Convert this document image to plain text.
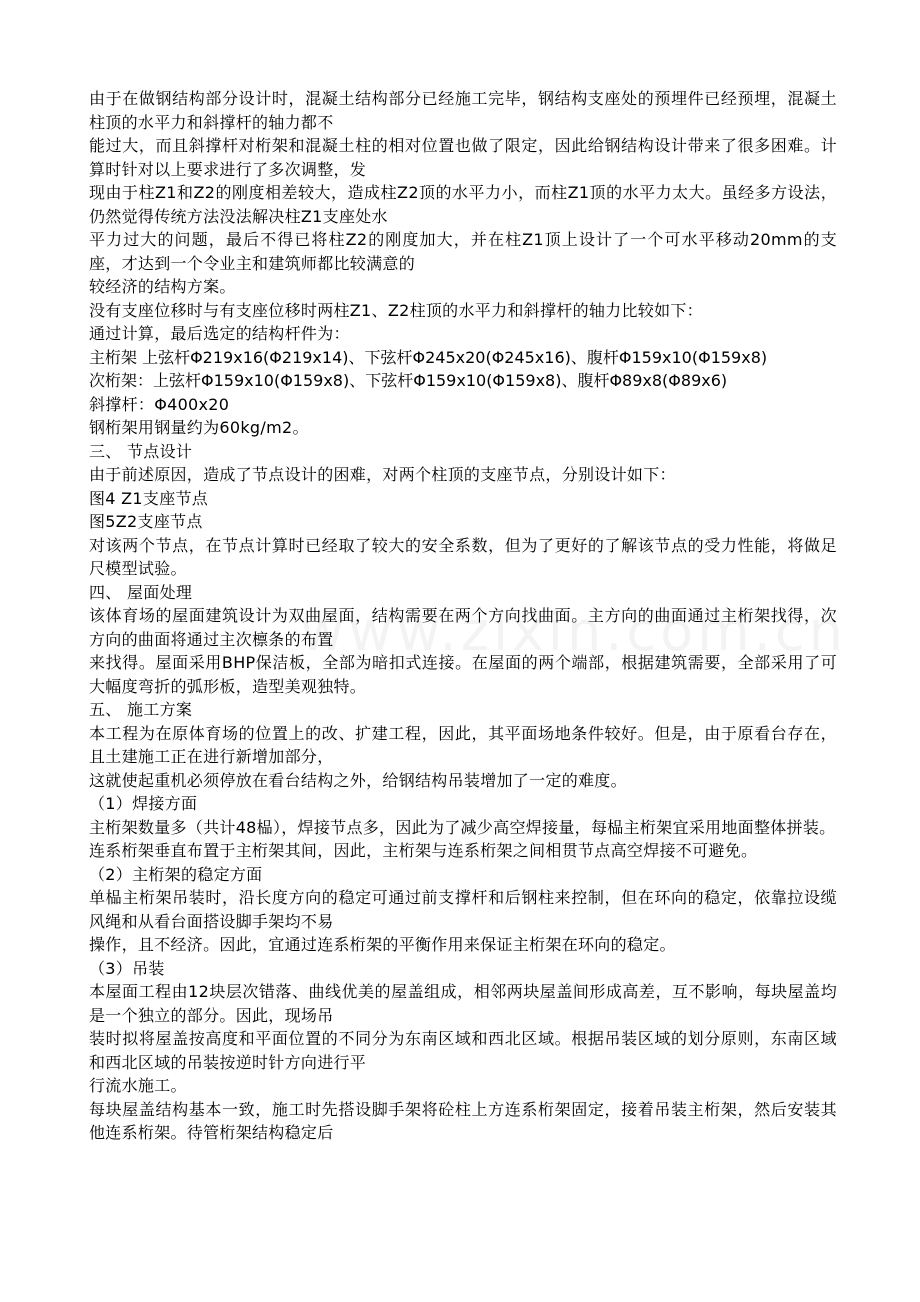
由于在做钢结构部分设计时，混凝土结构部分已经施工完毕，钢结构支座处的预埋件已经预埋，混凝土柱顶的水平力和斜撑杆的轴力都不
能过大，而且斜撑杆对桁架和混凝土柱的相对位置也做了限定，因此给钢结构设计带来了很多困难。计算时针对以上要求进行了多次调整，发
现由于柱Z1和Z2的刚度相差较大，造成柱Z2顶的水平力小，而柱Z1顶的水平力太大。虽经多方设法，仍然觉得传统方法没法解决柱Z1支座处水
平力过大的问题，最后不得已将柱Z2的刚度加大，并在柱Z1顶上设计了一个可水平移动20mm的支座，才达到一个令业主和建筑师都比较满意的
较经济的结构方案。
没有支座位移时与有支座位移时两柱Z1、Z2柱顶的水平力和斜撑杆的轴力比较如下：
通过计算，最后选定的结构杆件为：
主桁架 上弦杆Φ219x16(Φ219x14)、下弦杆Φ245x20(Φ245x16)、腹杆Φ159x10(Φ159x8)
次桁架：上弦杆Φ159x10(Φ159x8)、下弦杆Φ159x10(Φ159x8)、腹杆Φ89x8(Φ89x6)
斜撑杆：Φ400x20
钢桁架用钢量约为60kg/m2。
三、 节点设计
由于前述原因，造成了节点设计的困难，对两个柱顶的支座节点，分别设计如下：
图4 Z1支座节点
图5Z2支座节点
对该两个节点，在节点计算时已经取了较大的安全系数，但为了更好的了解该节点的受力性能，将做足尺模型试验。
四、 屋面处理
该体育场的屋面建筑设计为双曲屋面，结构需要在两个方向找曲面。主方向的曲面通过主桁架找得，次方向的曲面将通过主次檩条的布置
来找得。屋面采用BHP保洁板，全部为暗扣式连接。在屋面的两个端部，根据建筑需要，全部采用了可大幅度弯折的弧形板，造型美观独特。
五、 施工方案
本工程为在原体育场的位置上的改、扩建工程，因此，其平面场地条件较好。但是，由于原看台存在，且土建施工正在进行新增加部分，
这就使起重机必须停放在看台结构之外，给钢结构吊装增加了一定的难度。
（1）焊接方面
主桁架数量多（共计48榀），焊接节点多，因此为了减少高空焊接量，每榀主桁架宜采用地面整体拼装。
连系桁架垂直布置于主桁架其间，因此，主桁架与连系桁架之间相贯节点高空焊接不可避免。
（2）主桁架的稳定方面
单榀主桁架吊装时，沿长度方向的稳定可通过前支撑杆和后钢柱来控制，但在环向的稳定，依靠拉设缆风绳和从看台面搭设脚手架均不易
操作，且不经济。因此，宜通过连系桁架的平衡作用来保证主桁架在环向的稳定。
（3）吊装
本屋面工程由12块层次错落、曲线优美的屋盖组成，相邻两块屋盖间形成高差，互不影响，每块屋盖均是一个独立的部分。因此，现场吊
装时拟将屋盖按高度和平面位置的不同分为东南区域和西北区域。根据吊装区域的划分原则，东南区域和西北区域的吊装按逆时针方向进行平
行流水施工。
每块屋盖结构基本一致，施工时先搭设脚手架将砼柱上方连系桁架固定，接着吊装主桁架，然后安装其他连系桁架。待管桁架结构稳定后
